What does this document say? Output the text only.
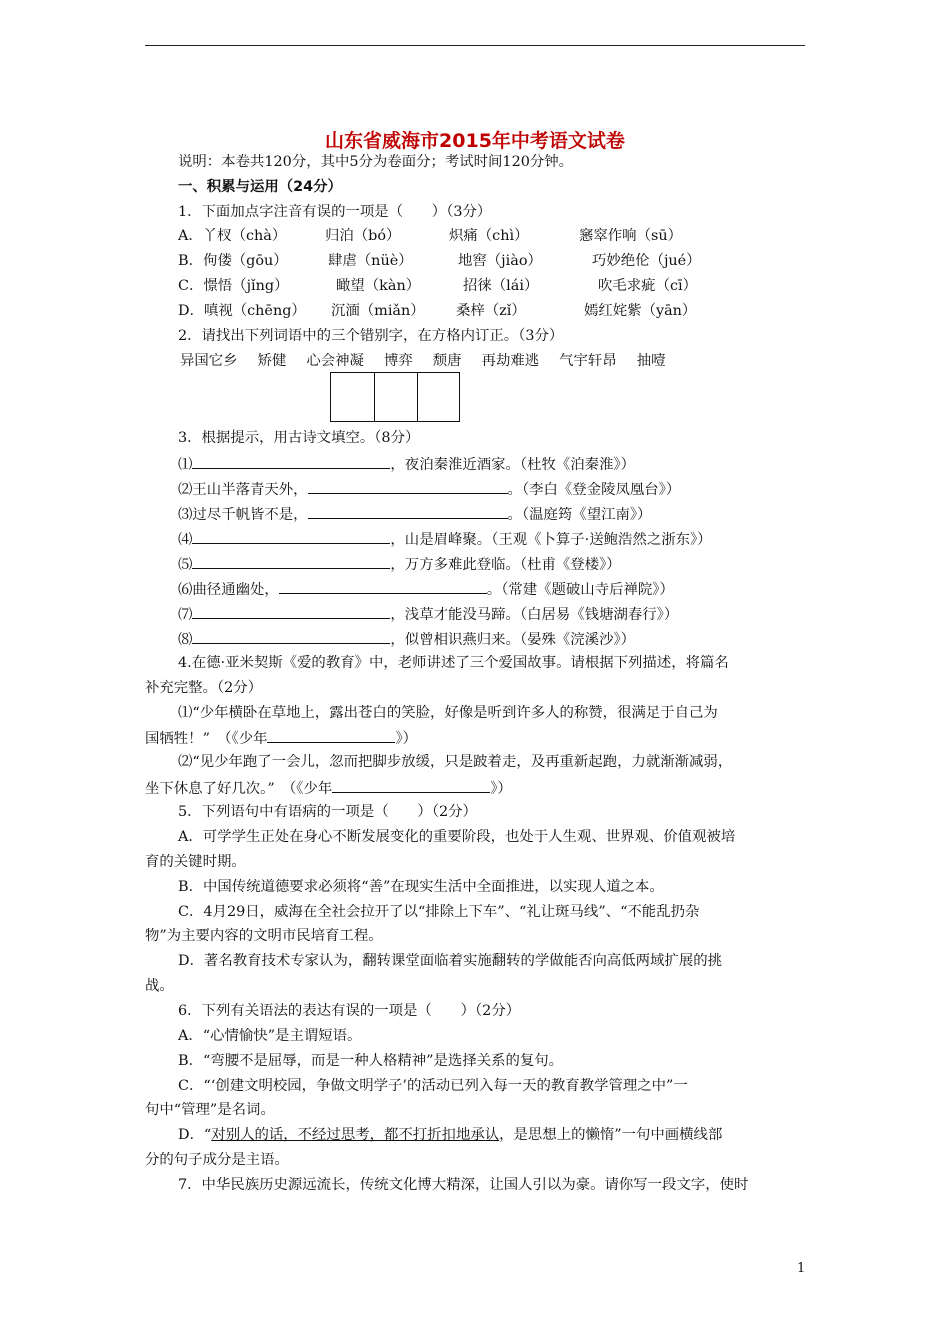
山东省威海市2015年中考语文试卷
说明：本卷共120分，其中5分为卷面分；考试时间120分钟。
一、积累与运用（24分）
1．下面加点字注音有误的一项是（　　）（3分）
A．丫杈（chà）	归泊（bó）	炽痛（chì）	窸窣作响（sū）
B．佝偻（gōu）	肆虐（nüè）	地窖（jiào）	巧妙绝伦（jué）
C．憬悟（jǐng）	瞰望（kàn）	招徕（lái）	吹毛求疵（cī）
D．嗔视（chēng） 沉湎（miǎn） 桑梓（zǐ）	嫣红姹紫（yān）
2．请找出下列词语中的三个错别字，在方格内订正。（3分）
异国它乡 矫健 心会神凝 博弈 颓唐 再劫难逃 气宇轩昂 抽噎
3．根据提示，用古诗文填空。（8分）
⑴	，夜泊秦淮近酒家。（杜牧《泊秦淮》）
⑵王山半落青天外，	。（李白《登金陵凤凰台》）
⑶过尽千帆皆不是，	。（温庭筠《望江南》）
⑷	，山是眉峰聚。（王观《卜算子·送鲍浩然之浙东》）
⑸	，万方多难此登临。（杜甫《登楼》）
⑹曲径通幽处，	。（常建《题破山寺后禅院》）
⑺	，浅草才能没马蹄。（白居易《钱塘湖春行》）
⑻	，似曾相识燕归来。（晏殊《浣溪沙》）
4.在德·亚米契斯《爱的教育》中，老师讲述了三个爱国故事。请根据下列描述，将篇名
补充完整。（2分）
⑴“少年横卧在草地上，露出苍白的笑脸，好像是听到许多人的称赞，很满足于自己为
国牺牲！”　（《少年	》）
⑵“见少年跑了一会儿，忽而把脚步放缓，只是跛着走，及再重新起跑，力就渐渐减弱，
坐下休息了好几次。”　（《少年	》）
5．下列语句中有语病的一项是（　　）（2分）
A．可学学生正处在身心不断发展变化的重要阶段，也处于人生观、世界观、价值观被培
育的关键时期。
B．中国传统道德要求必须将“善”在现实生活中全面推进，以实现人道之本。
C．4月29日，威海在全社会拉开了以“排除上下车”、“礼让斑马线”、“不能乱扔杂
物”为主要内容的文明市民培育工程。
D．著名教育技术专家认为，翻转课堂面临着实施翻转的学做能否向高低两域扩展的挑
战。
6．下列有关语法的表达有误的一项是（　　）（2分）
A．“心情愉快”是主谓短语。
B．“弯腰不是屈辱，而是一种人格精神”是选择关系的复句。
C．“‘创建文明校园，争做文明学子’的活动已列入每一天的教育教学管理之中”一
句中“管理”是名词。
D．“对别人的话，不经过思考，都不打折扣地承认，是思想上的懒惰”一句中画横线部
分的句子成分是主语。
7．中华民族历史源远流长，传统文化博大精深，让国人引以为豪。请你写一段文字，使时
1
